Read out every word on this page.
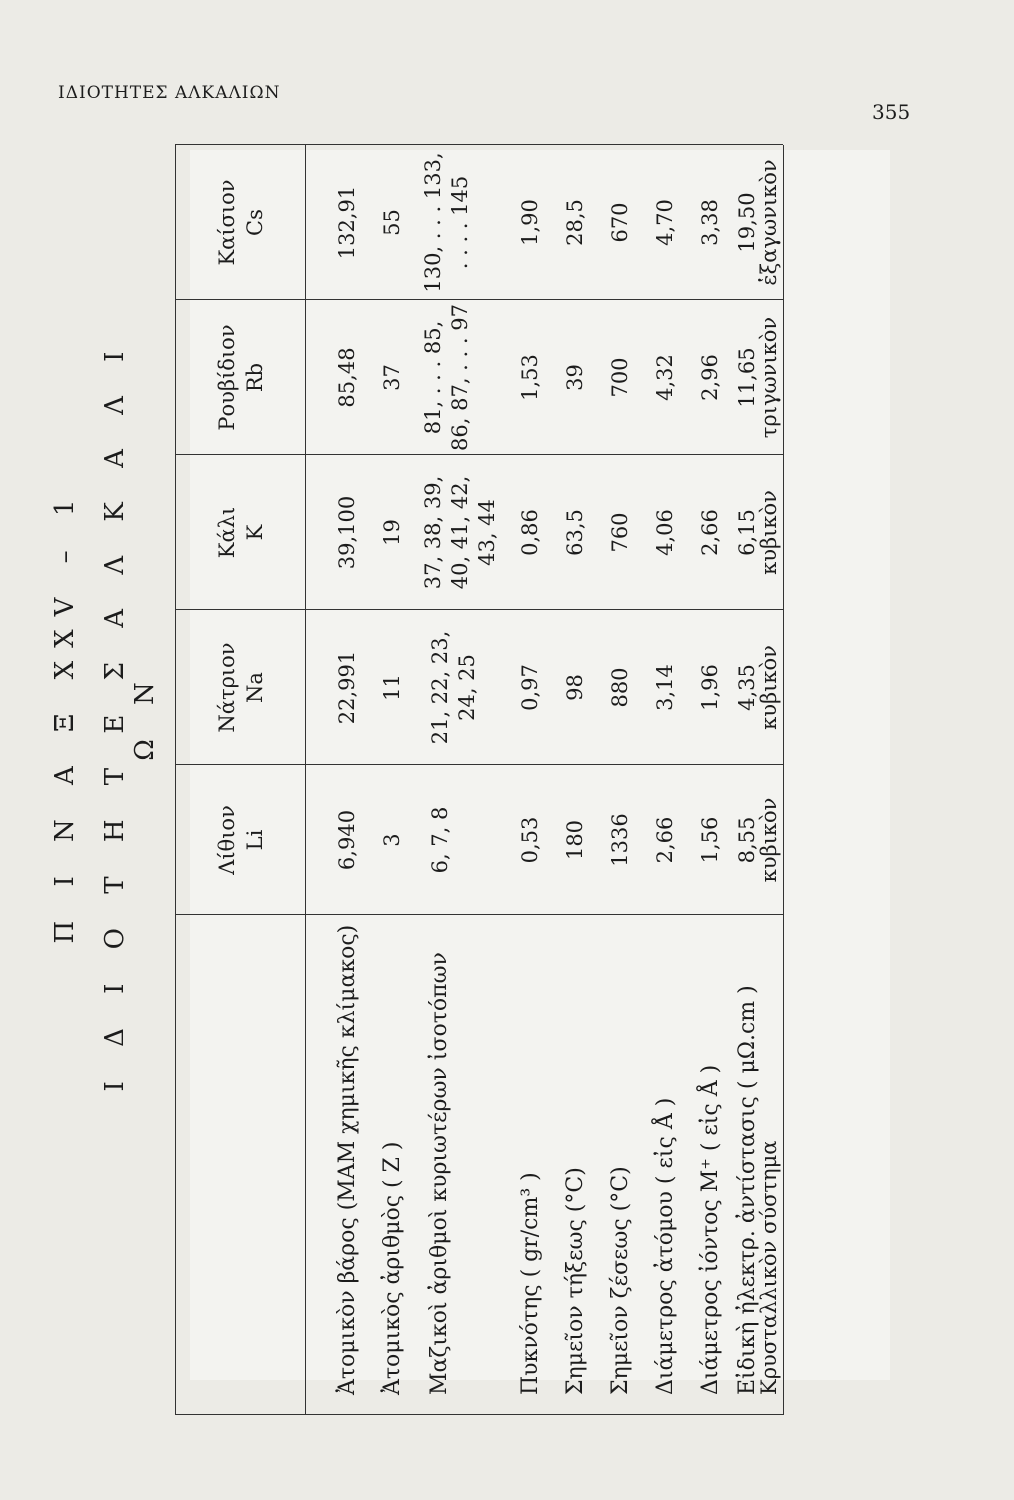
ΙΔΙΟΤΗΤΕΣ ΑΛΚΑΛΙΩΝ
355
Π Ι Ν Α Ξ XXV – 1 Ι Δ Ι Ο Τ Η Τ Ε Σ Α Λ Κ Α Λ Ι Ω Ν
Λίθιον Li
Νάτριον Na
Κάλι K
Ρουβίδιον Rb
Καίσιον Cs
Ἀτομικὸν βάρος (ΜΑΜ χημικῆς κλίμακος)
6,940
22,991
39,100
85,48
132,91
Ἀτομικὸς ἀριθμὸς ( Z )
3
11
19
37
55
Μαζικοὶ ἀριθμοὶ κυριωτέρων ἰσοτόπων
6, 7, 8
21, 22, 23, 24, 25
37, 38, 39, 40, 41, 42, 43, 44
81, . . . 85, 86, 87, . . . 97
130, . . . 133, . . . . 145
Πυκνότης ( gr/cm³ )
0,53
0,97
0,86
1,53
1,90
Σημεῖον τήξεως (°C)
180
98
63,5
39
28,5
Σημεῖον ζέσεως (°C)
1336
880
760
700
670
Διάμετρος ἀτόμου ( εἰς Å )
2,66
3,14
4,06
4,32
4,70
Διάμετρος ἰόντος M⁺ ( εἰς Å )
1,56
1,96
2,66
2,96
3,38
Εἰδικὴ ἠλεκτρ. ἀντίστασις ( μΩ.cm )
8,55
4,35
6,15
11,65
19,50
Κρυσταλλικὸν σύστημα
κυβικὸν
κυβικὸν
κυβικὸν
τριγωνικὸν
ἑξαγωνικὸν
